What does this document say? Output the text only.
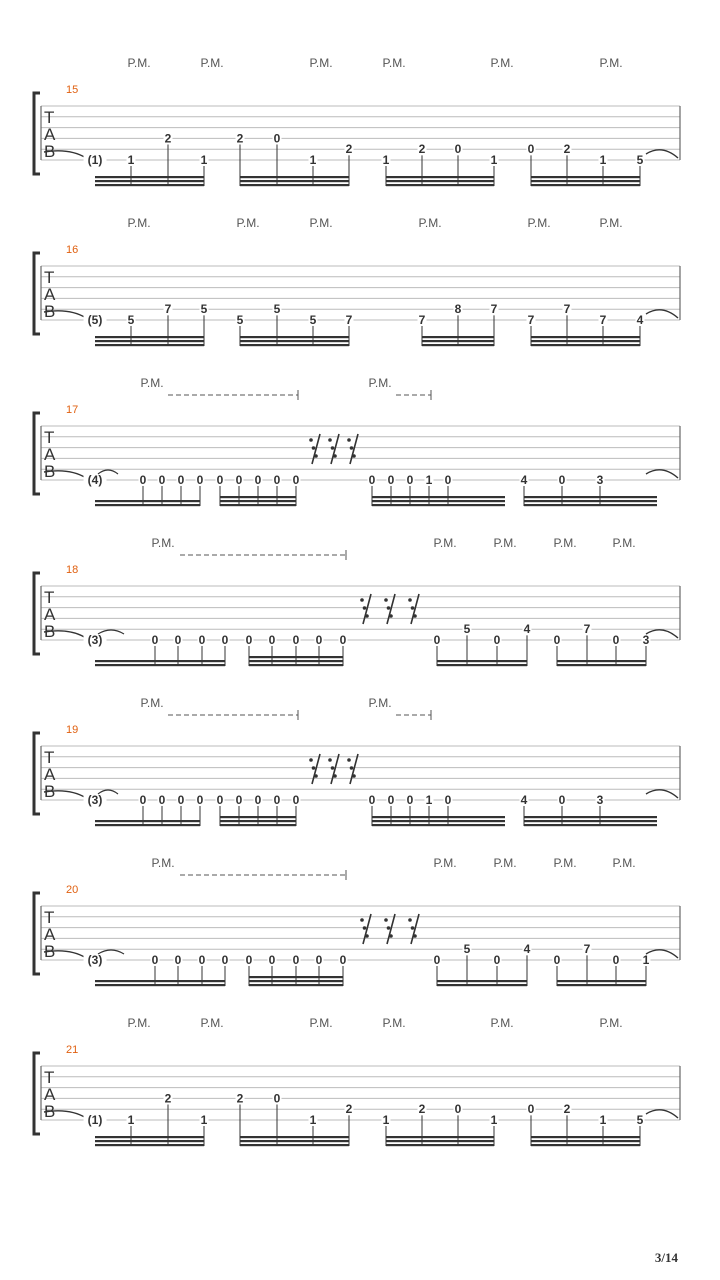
T
A
B
15
P.M.	P.M.	P.M.	P.M.	P.M.	P.M.
(1) 1
2
1
2	0
1
2
1
2 0
1
0 2
1	5
T
A
B
16
P.M.	P.M.	P.M.	P.M.	P.M.	P.M.
(5) 5
7 5
5
5
5 7	7
8 7
7
7
7	4
T
A
B
17
P.M.	P.M.
(4)	0 0 0 0 0 0 0 0 0	0 0 0 1 0	4	0	3
T
A
B
18
P.M.	P.M.	P.M.	P.M.	P.M.
(3)	0 0 0 0 0 0 0 0 0	0
5
0
4
0
7
0 3
T
A
B
19
P.M.	P.M.
(3)	0 0 0 0 0 0 0 0 0	0 0 0 1 0	4	0	3
T
A
B
20
P.M.	P.M.	P.M.	P.M.	P.M.
(3)	0 0 0 0 0 0 0 0 0	0
5
0
4
0
7
0 1
T
A
B
21
P.M.	P.M.	P.M.	P.M.	P.M.	P.M.
(1) 1
2
1
2	0
1
2
1
2 0
1
0 2
1	5
3/14
